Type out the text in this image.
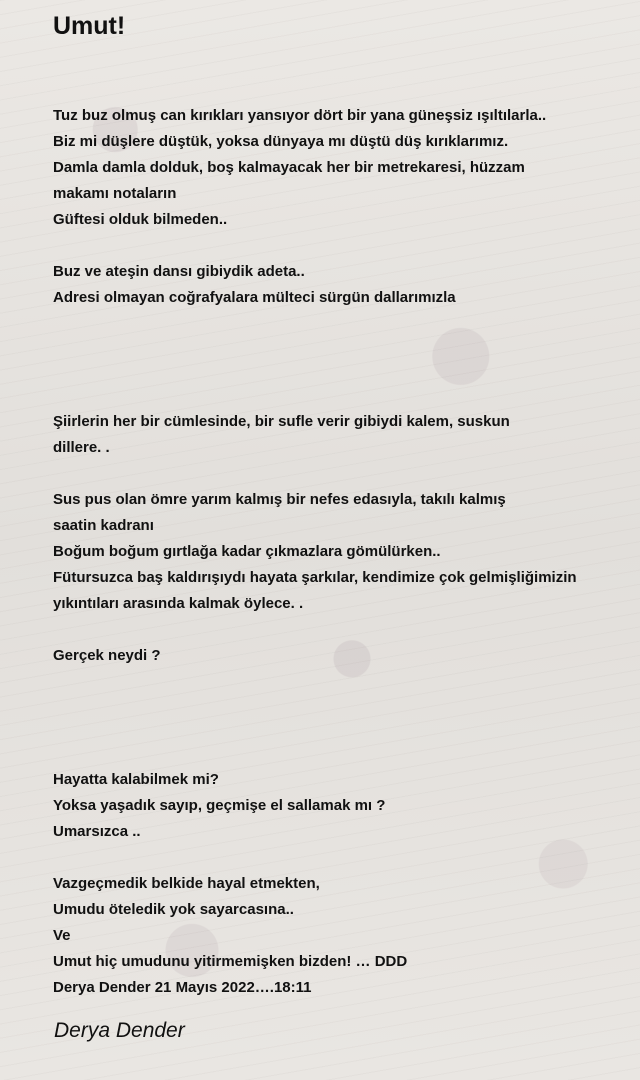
Umut!
Tuz buz olmuş can kırıkları yansıyor dört bir yana güneşsiz ışıltılarla..
Biz mi düşlere düştük, yoksa dünyaya mı düştü düş kırıklarımız.
Damla damla dolduk, boş kalmayacak her bir metrekaresi, hüzzam
makamı notaların
Güftesi olduk bilmeden..
Buz ve ateşin dansı gibiydik adeta..
Adresi olmayan coğrafyalara mülteci sürgün dallarımızla
Şiirlerin her bir cümlesinde, bir sufle verir gibiydi kalem, suskun
dillere. .
Sus pus olan ömre yarım kalmış bir nefes edasıyla, takılı kalmış
saatin kadranı
Boğum boğum gırtlağa kadar çıkmazlara gömülürken..
Fütursuzca baş kaldırışıydı hayata şarkılar, kendimize çok gelmişliğimizin
yıkıntıları arasında kalmak öylece. .
Gerçek neydi ?
Hayatta kalabilmek mi?
Yoksa yaşadık sayıp, geçmişe el sallamak mı ?
Umarsızca ..
Vazgeçmedik belkide hayal etmekten,
Umudu öteledik yok sayarcasına..
Ve
Umut hiç umudunu yitirmemişken bizden! … DDD
Derya Dender 21 Mayıs 2022….18:11
Derya Dender
